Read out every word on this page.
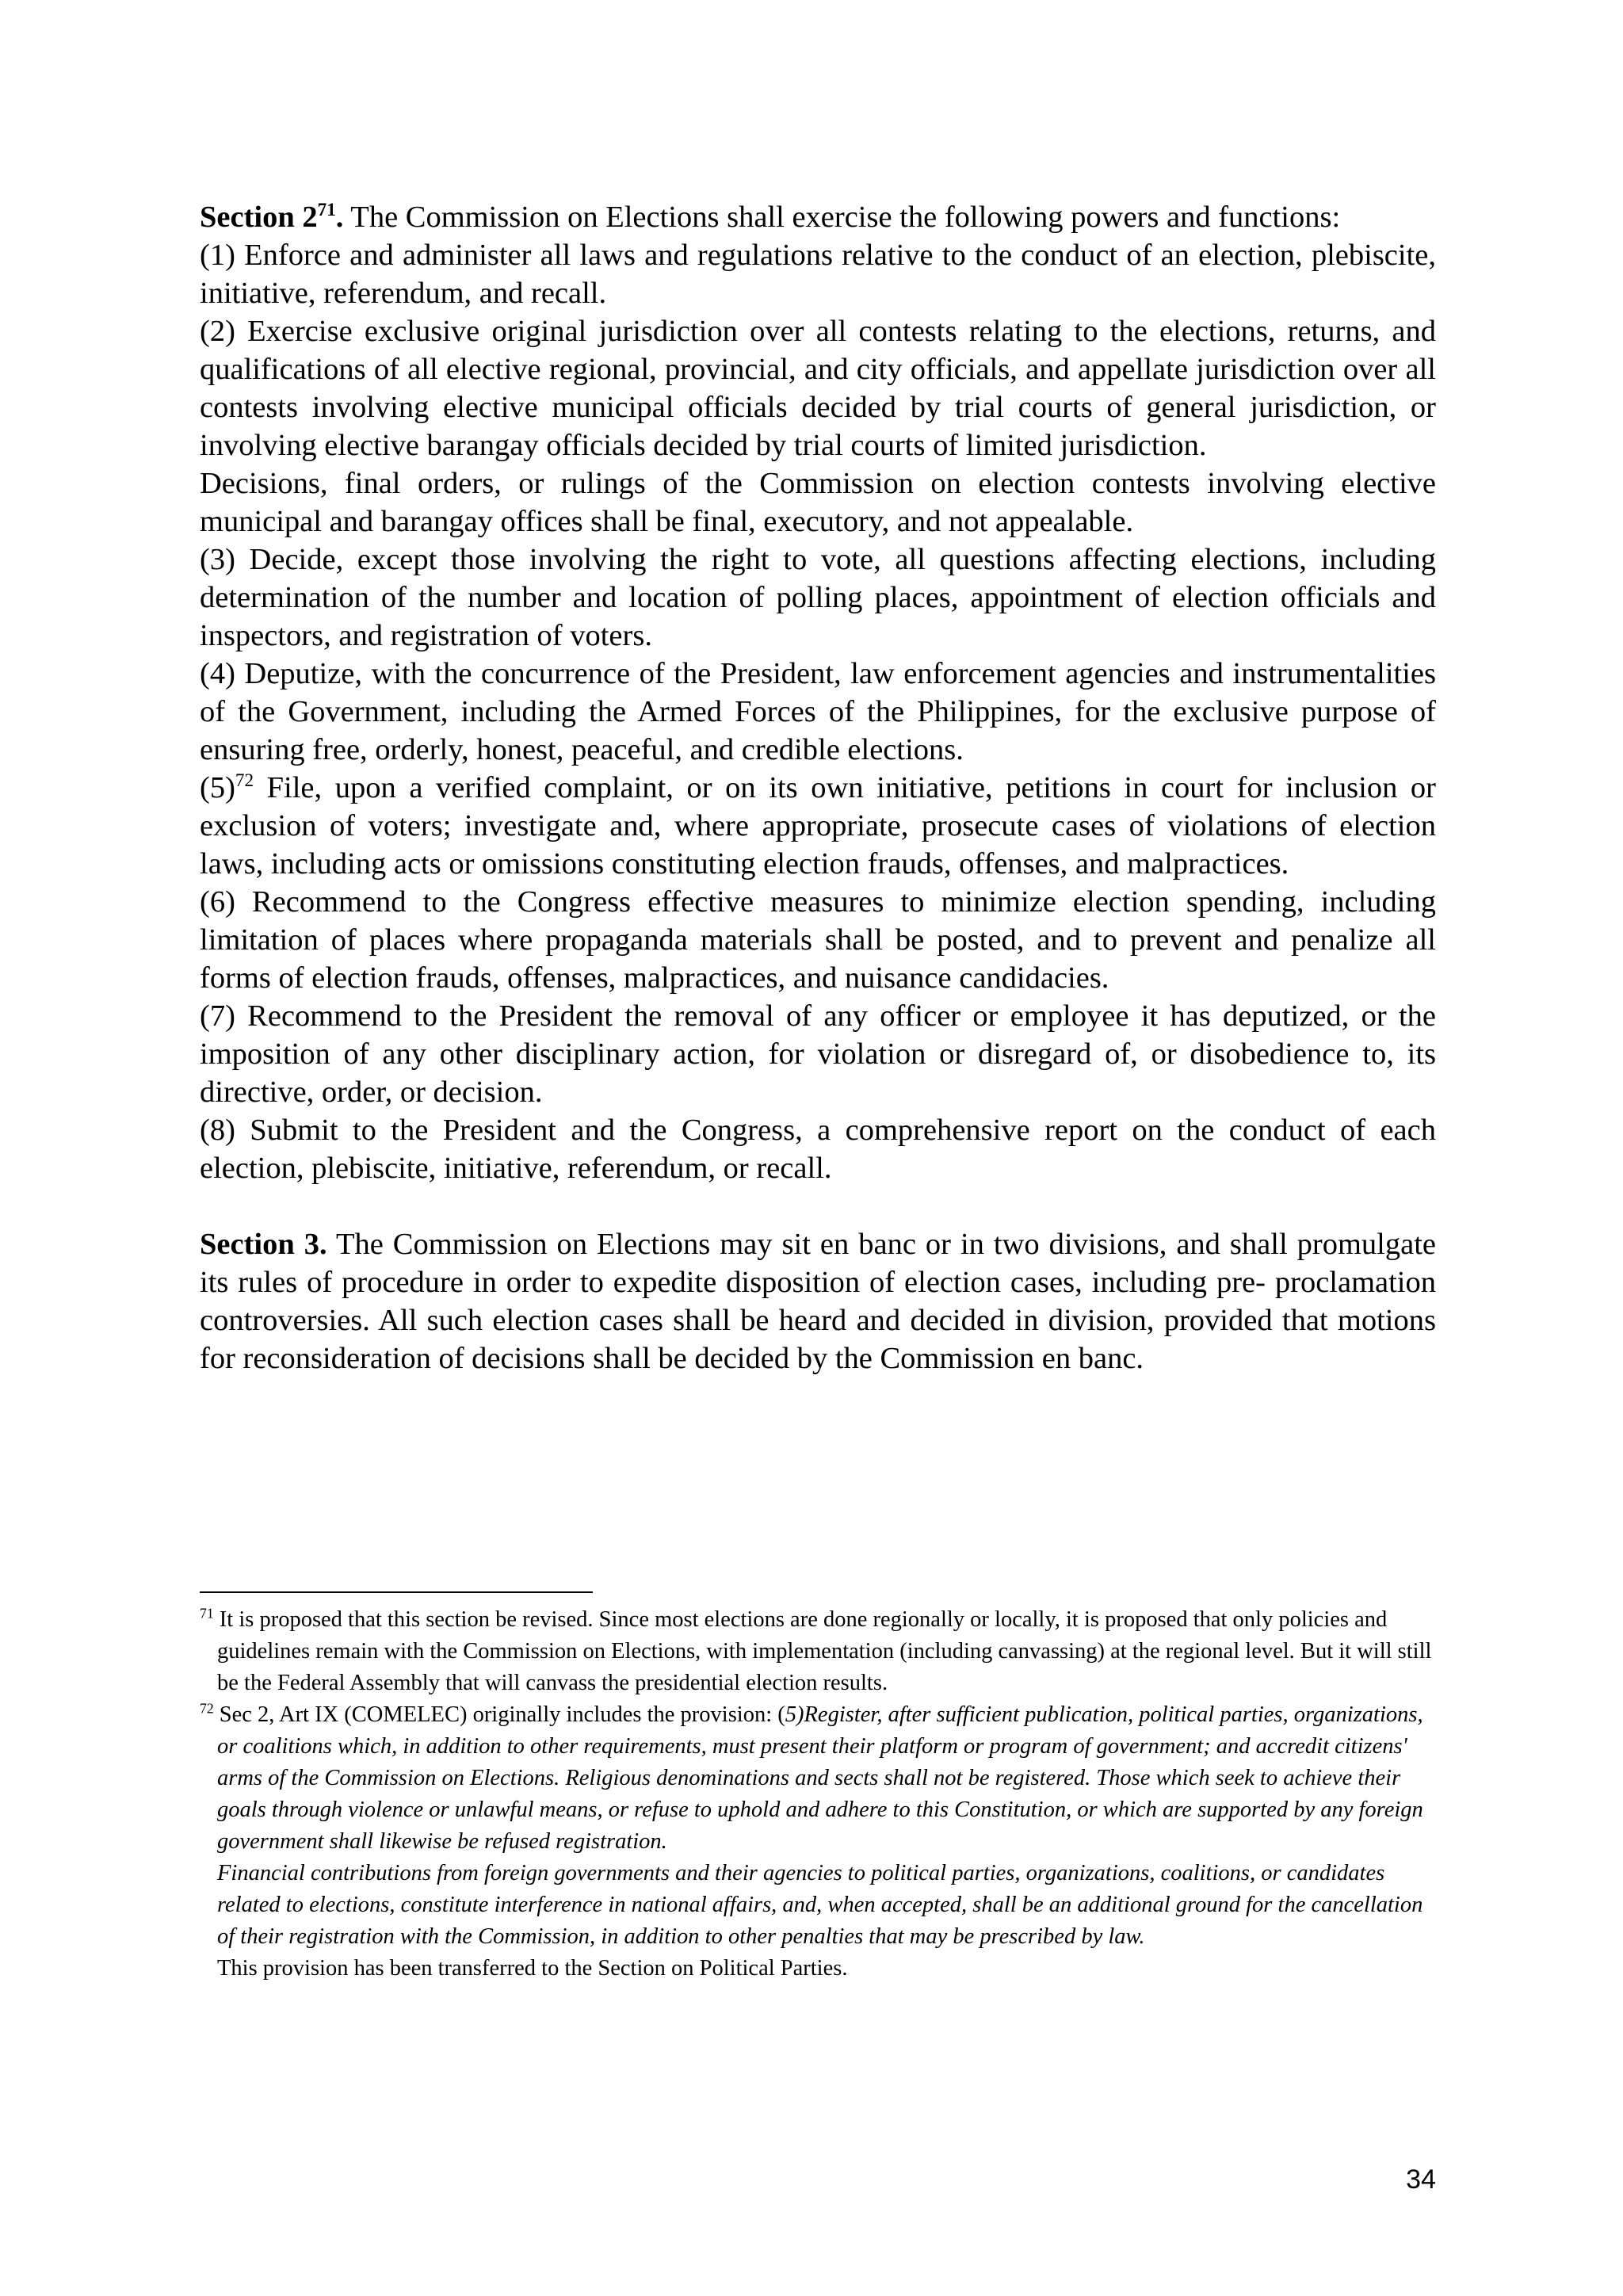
Section 2$^{71}$. The Commission on Elections shall exercise the following powers and functions:

(1) Enforce and administer all laws and regulations relative to the conduct of an election, plebiscite, initiative, referendum, and recall.

(2) Exercise exclusive original jurisdiction over all contests relating to the elections, returns, and qualifications of all elective regional, provincial, and city officials, and appellate jurisdiction over all contests involving elective municipal officials decided by trial courts of general jurisdiction, or involving elective barangay officials decided by trial courts of limited jurisdiction.

Decisions, final orders, or rulings of the Commission on election contests involving elective municipal and barangay offices shall be final, executory, and not appealable.

(3) Decide, except those involving the right to vote, all questions affecting elections, including determination of the number and location of polling places, appointment of election officials and inspectors, and registration of voters.

(4) Deputize, with the concurrence of the President, law enforcement agencies and instrumentalities of the Government, including the Armed Forces of the Philippines, for the exclusive purpose of ensuring free, orderly, honest, peaceful, and credible elections.

(5)$^{72}$ File, upon a verified complaint, or on its own initiative, petitions in court for inclusion or exclusion of voters; investigate and, where appropriate, prosecute cases of violations of election laws, including acts or omissions constituting election frauds, offenses, and malpractices.

(6) Recommend to the Congress effective measures to minimize election spending, including limitation of places where propaganda materials shall be posted, and to prevent and penalize all forms of election frauds, offenses, malpractices, and nuisance candidacies.

(7) Recommend to the President the removal of any officer or employee it has deputized, or the imposition of any other disciplinary action, for violation or disregard of, or disobedience to, its directive, order, or decision.

(8) Submit to the President and the Congress, a comprehensive report on the conduct of each election, plebiscite, initiative, referendum, or recall.

Section 3. The Commission on Elections may sit en banc or in two divisions, and shall promulgate its rules of procedure in order to expedite disposition of election cases, including pre- proclamation controversies. All such election cases shall be heard and decided in division, provided that motions for reconsideration of decisions shall be decided by the Commission en banc.

$^{71}$ It is proposed that this section be revised. Since most elections are done regionally or locally, it is proposed that only policies and guidelines remain with the Commission on Elections, with implementation (including canvassing) at the regional level. But it will still be the Federal Assembly that will canvass the presidential election results.

$^{72}$ Sec 2, Art IX (COMELEC) originally includes the provision: (5)Register, after sufficient publication, political parties, organizations, or coalitions which, in addition to other requirements, must present their platform or program of government; and accredit citizens' arms of the Commission on Elections. Religious denominations and sects shall not be registered. Those which seek to achieve their goals through violence or unlawful means, or refuse to uphold and adhere to this Constitution, or which are supported by any foreign government shall likewise be refused registration.
Financial contributions from foreign governments and their agencies to political parties, organizations, coalitions, or candidates related to elections, constitute interference in national affairs, and, when accepted, shall be an additional ground for the cancellation of their registration with the Commission, in addition to other penalties that may be prescribed by law.
This provision has been transferred to the Section on Political Parties.

34
